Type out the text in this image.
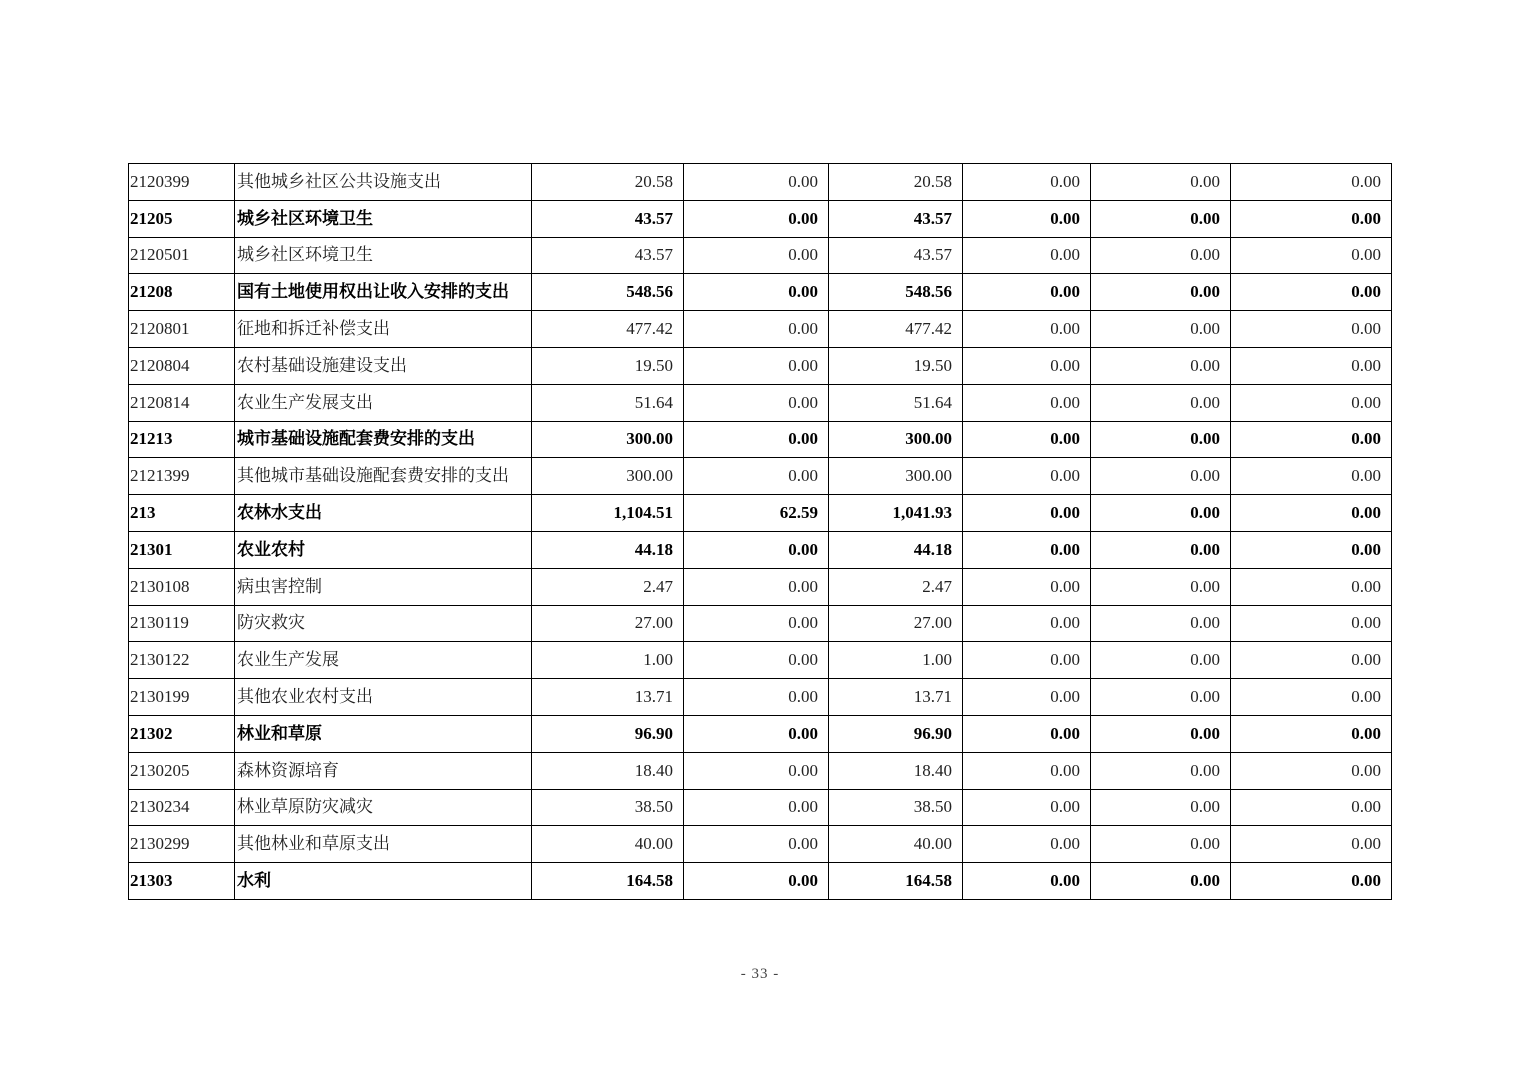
2120399	其他城乡社区公共设施支出	20.58	0.00	20.58	0.00	0.00	0.00
21205	城乡社区环境卫生	43.57	0.00	43.57	0.00	0.00	0.00
2120501	城乡社区环境卫生	43.57	0.00	43.57	0.00	0.00	0.00
21208	国有土地使用权出让收入安排的支出	548.56	0.00	548.56	0.00	0.00	0.00
2120801	征地和拆迁补偿支出	477.42	0.00	477.42	0.00	0.00	0.00
2120804	农村基础设施建设支出	19.50	0.00	19.50	0.00	0.00	0.00
2120814	农业生产发展支出	51.64	0.00	51.64	0.00	0.00	0.00
21213	城市基础设施配套费安排的支出	300.00	0.00	300.00	0.00	0.00	0.00
2121399	其他城市基础设施配套费安排的支出	300.00	0.00	300.00	0.00	0.00	0.00
213	农林水支出	1,104.51	62.59	1,041.93	0.00	0.00	0.00
21301	农业农村	44.18	0.00	44.18	0.00	0.00	0.00
2130108	病虫害控制	2.47	0.00	2.47	0.00	0.00	0.00
2130119	防灾救灾	27.00	0.00	27.00	0.00	0.00	0.00
2130122	农业生产发展	1.00	0.00	1.00	0.00	0.00	0.00
2130199	其他农业农村支出	13.71	0.00	13.71	0.00	0.00	0.00
21302	林业和草原	96.90	0.00	96.90	0.00	0.00	0.00
2130205	森林资源培育	18.40	0.00	18.40	0.00	0.00	0.00
2130234	林业草原防灾减灾	38.50	0.00	38.50	0.00	0.00	0.00
2130299	其他林业和草原支出	40.00	0.00	40.00	0.00	0.00	0.00
21303	水利	164.58	0.00	164.58	0.00	0.00	0.00
- 33 -
